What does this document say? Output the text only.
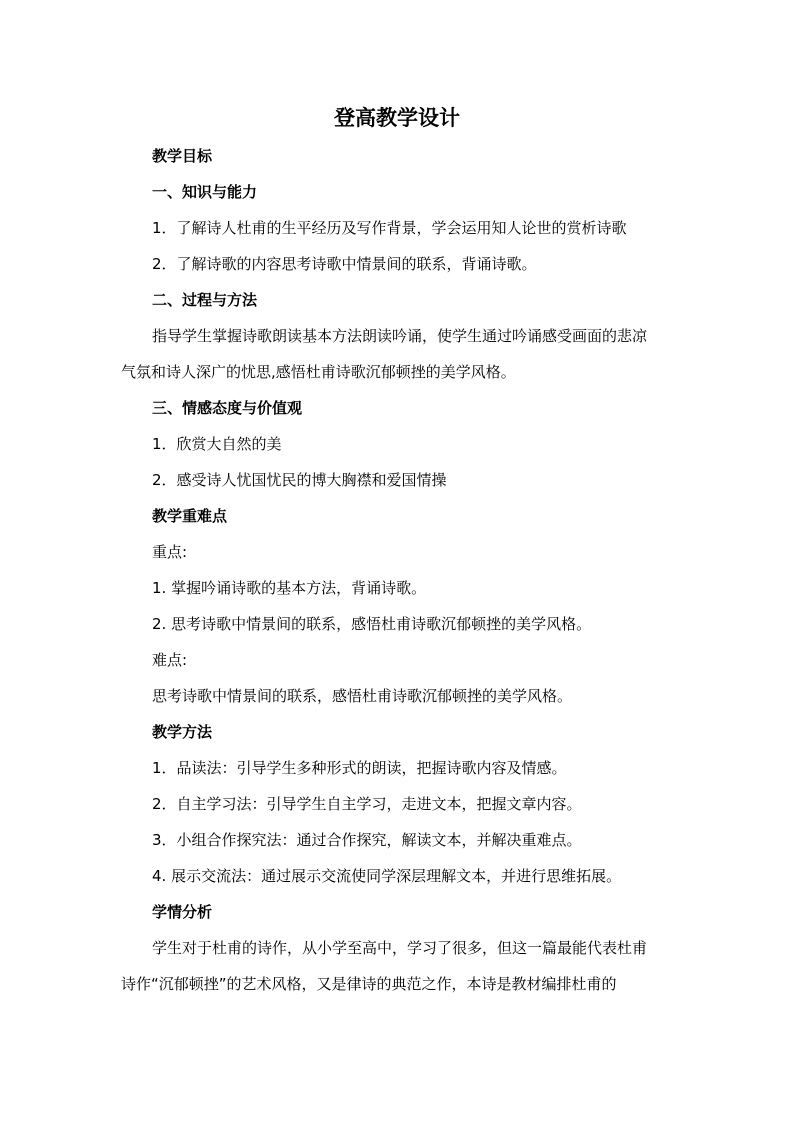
登高教学设计
教学目标
一、知识与能力
1．了解诗人杜甫的生平经历及写作背景，学会运用知人论世的赏析诗歌
2．了解诗歌的内容思考诗歌中情景间的联系，背诵诗歌。
二、过程与方法
指导学生掌握诗歌朗读基本方法朗读吟诵，使学生通过吟诵感受画面的悲凉
气氛和诗人深广的忧思,感悟杜甫诗歌沉郁顿挫的美学风格。
三、情感态度与价值观
1．欣赏大自然的美
2．感受诗人忧国忧民的博大胸襟和爱国情操
教学重难点
重点:
1. 掌握吟诵诗歌的基本方法，背诵诗歌。
2. 思考诗歌中情景间的联系，感悟杜甫诗歌沉郁顿挫的美学风格。
难点:
思考诗歌中情景间的联系，感悟杜甫诗歌沉郁顿挫的美学风格。
教学方法
1．品读法：引导学生多种形式的朗读，把握诗歌内容及情感。
2．自主学习法：引导学生自主学习，走进文本，把握文章内容。
3．小组合作探究法：通过合作探究，解读文本，并解决重难点。
4. 展示交流法：通过展示交流使同学深层理解文本，并进行思维拓展。
学情分析
学生对于杜甫的诗作，从小学至高中，学习了很多，但这一篇最能代表杜甫
诗作“沉郁顿挫”的艺术风格，又是律诗的典范之作，本诗是教材编排杜甫的
